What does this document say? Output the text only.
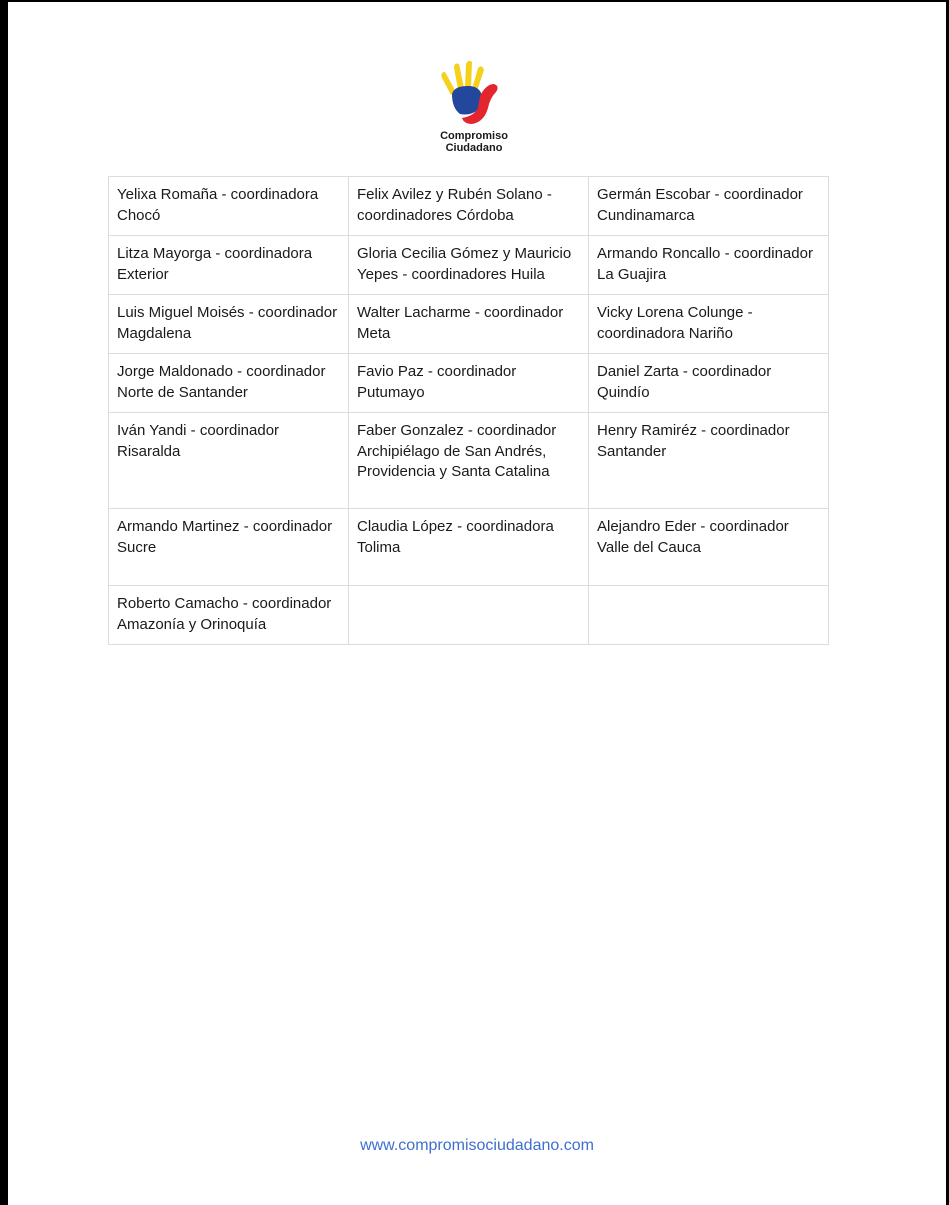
Compromiso
Ciudadano
Yelixa Romaña - coordinadora Chocó	Felix Avilez y Rubén Solano - coordinadores Córdoba	Germán Escobar - coordinador Cundinamarca
Litza Mayorga - coordinadora Exterior	Gloria Cecilia Gómez y Mauricio Yepes - coordinadores Huila	Armando Roncallo - coordinador La Guajira
Luis Miguel Moisés - coordinador Magdalena	Walter Lacharme - coordinador Meta	Vicky Lorena Colunge - coordinadora Nariño
Jorge Maldonado - coordinador Norte de Santander	Favio Paz - coordinador Putumayo	Daniel Zarta - coordinador Quindío
Iván Yandi - coordinador Risaralda	Faber Gonzalez - coordinador Archipiélago de San Andrés, Providencia y Santa Catalina	Henry Ramiréz - coordinador Santander
Armando Martinez - coordinador Sucre	Claudia López - coordinadora Tolima	Alejandro Eder - coordinador Valle del Cauca
Roberto Camacho - coordinador Amazonía y Orinoquía		
www.compromisociudadano.com
